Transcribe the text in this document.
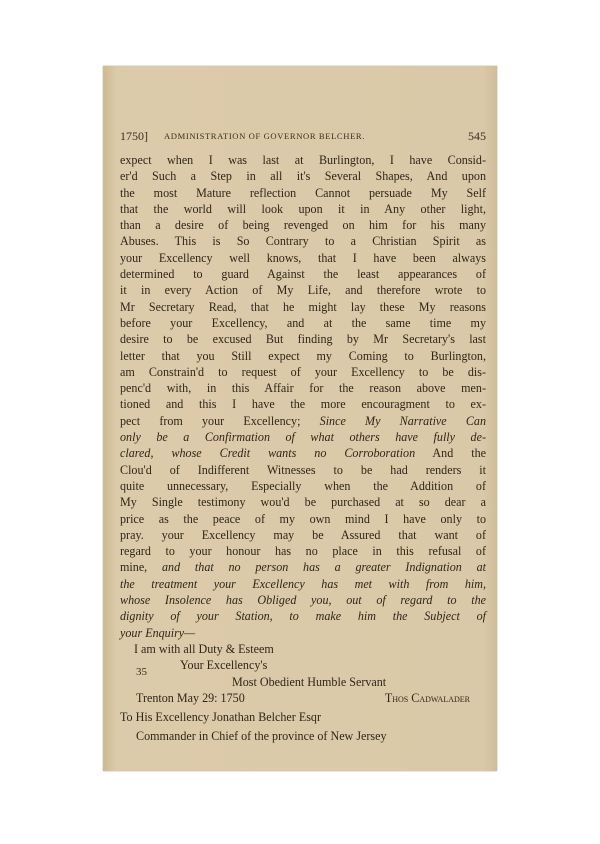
1750] ADMINISTRATION OF GOVERNOR BELCHER.	545
expect when I was last at Burlington, I have Consid-
er'd Such a Step in all it's Several Shapes, And upon
the most Mature reflection Cannot persuade My Self
that the world will look upon it in Any other light,
than a desire of being revenged on him for his many
Abuses. This is So Contrary to a Christian Spirit as
your Excellency well knows, that I have been always
determined to guard Against the least appearances of
it in every Action of My Life, and therefore wrote to
Mr Secretary Read, that he might lay these My reasons
before your Excellency, and at the same time my
desire to be excused But finding by Mr Secretary's last
letter that you Still expect my Coming to Burlington,
am Constrain'd to request of your Excellency to be dis-
penc'd with, in this Affair for the reason above men-
tioned and this I have the more encouragment to ex-
pect from your Excellency; Since My Narrative Can
only be a Confirmation of what others have fully de-
clared, whose Credit wants no Corroboration And the
Clou'd of Indifferent Witnesses to be had renders it
quite unnecessary, Especially when the Addition of
My Single testimony wou'd be purchased at so dear a
price as the peace of my own mind I have only to
pray. your Excellency may be Assured that want of
regard to your honour has no place in this refusal of
mine, and that no person has a greater Indignation at
the treatment your Excellency has met with from him,
whose Insolence has Obliged you, out of regard to the
dignity of your Station, to make him the Subject of
your Enquiry—
I am with all Duty & Esteem
Your Excellency's
Most Obedient Humble Servant
Trenton May 29: 1750	Thos Cadwalader
To His Excellency Jonathan Belcher Esqr
Commander in Chief of the province of New Jersey
35
